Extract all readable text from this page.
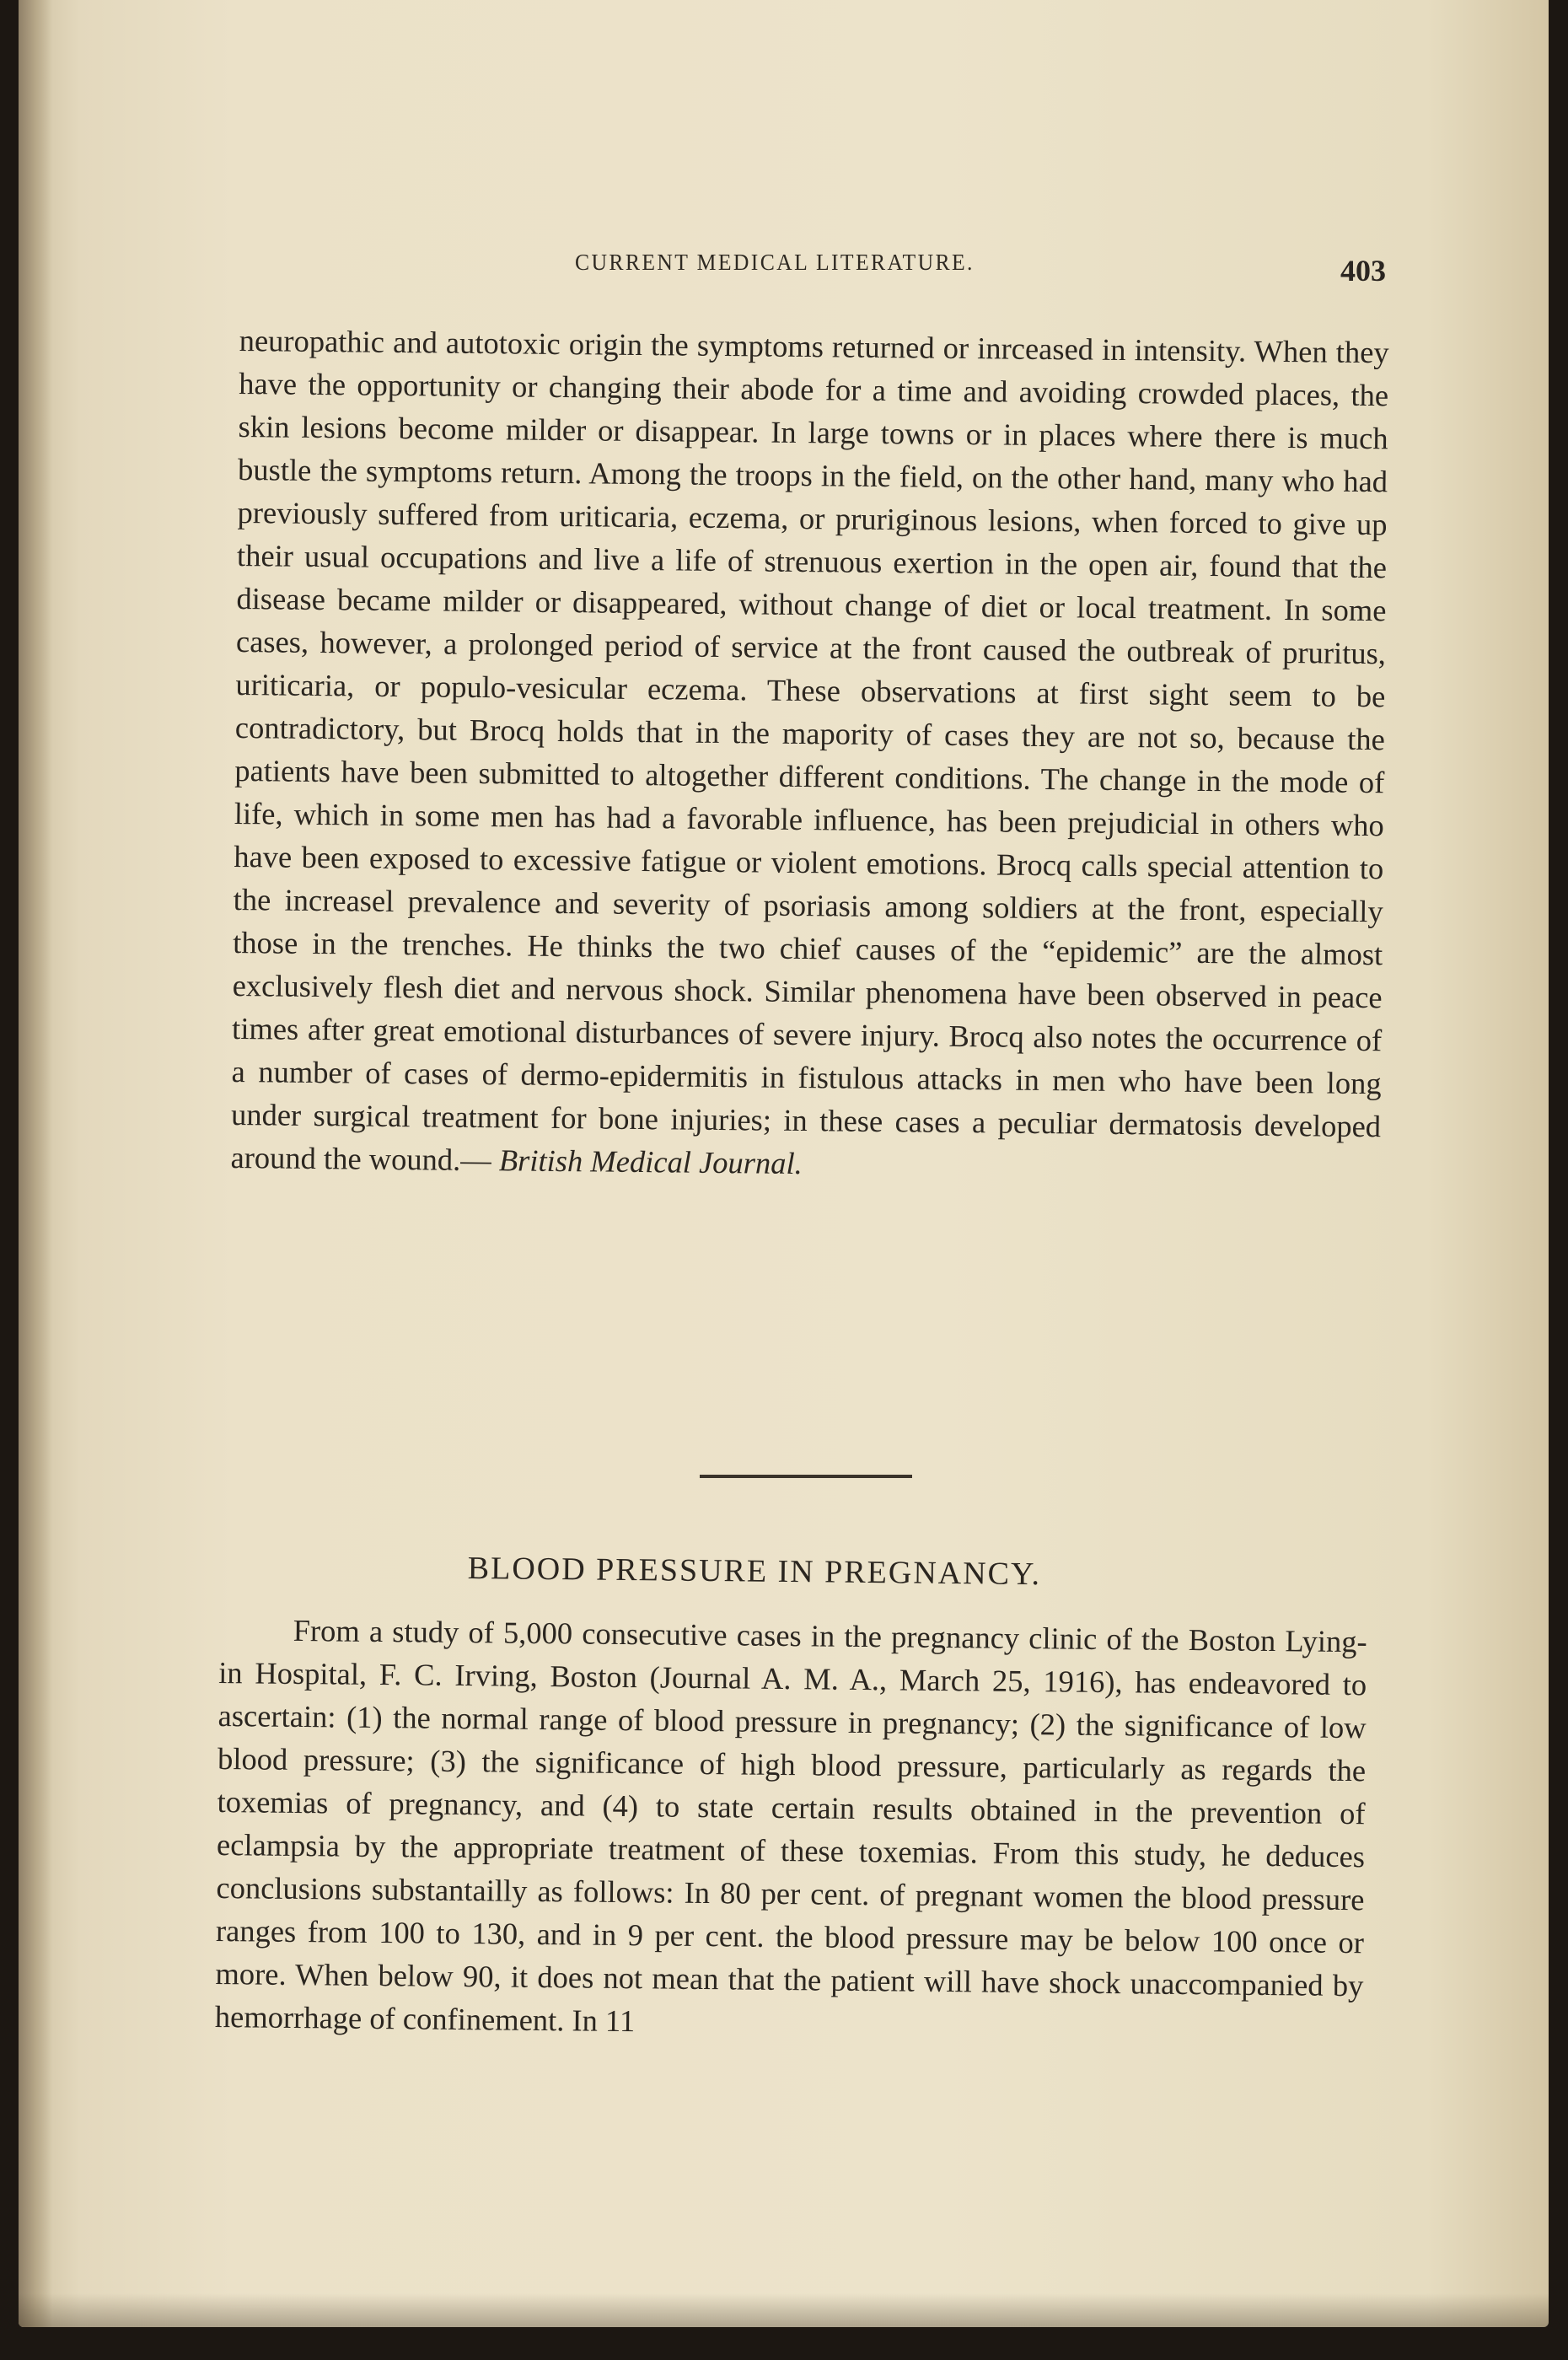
CURRENT MEDICAL LITERATURE.	403

neuropathic and autotoxic origin the symptoms returned or inrceased in intensity. When they have the opportunity or changing their abode for a time and avoiding crowded places, the skin lesions become milder or disappear. In large towns or in places where there is much bustle the symptoms return. Among the troops in the field, on the other hand, many who had previously suffered from uriticaria, eczema, or pruriginous lesions, when forced to give up their usual occupations and live a life of strenuous exertion in the open air, found that the disease became milder or disappeared, without change of diet or local treatment. In some cases, however, a prolonged period of service at the front caused the outbreak of pruritus, uriticaria, or populo-vesicular eczema. These observations at first sight seem to be contradictory, but Brocq holds that in the mapority of cases they are not so, because the patients have been submitted to altogether different conditions. The change in the mode of life, which in some men has had a favorable influence, has been prejudicial in others who have been exposed to excessive fatigue or violent emotions. Brocq calls special attention to the increasel prevalence and severity of psoriasis among soldiers at the front, especially those in the trenches. He thinks the two chief causes of the “epidemic” are the almost exclusively flesh diet and nervous shock. Similar phenomena have been observed in peace times after great emotional disturbances of severe injury. Brocq also notes the occurrence of a number of cases of dermo-epidermitis in fistulous attacks in men who have been long under surgical treatment for bone injuries; in these cases a peculiar dermatosis developed around the wound.— British Medical Journal.

BLOOD PRESSURE IN PREGNANCY.

From a study of 5,000 consecutive cases in the pregnancy clinic of the Boston Lying-in Hospital, F. C. Irving, Boston (Journal A. M. A., March 25, 1916), has endeavored to ascertain: (1) the normal range of blood pressure in pregnancy; (2) the significance of low blood pressure; (3) the significance of high blood pressure, particularly as regards the toxemias of pregnancy, and (4) to state certain results obtained in the prevention of eclampsia by the appropriate treatment of these toxemias. From this study, he deduces conclusions substantailly as follows: In 80 per cent. of pregnant women the blood pressure ranges from 100 to 130, and in 9 per cent. the blood pressure may be below 100 once or more. When below 90, it does not mean that the patient will have shock unaccompanied by hemorrhage of confinement. In 11
